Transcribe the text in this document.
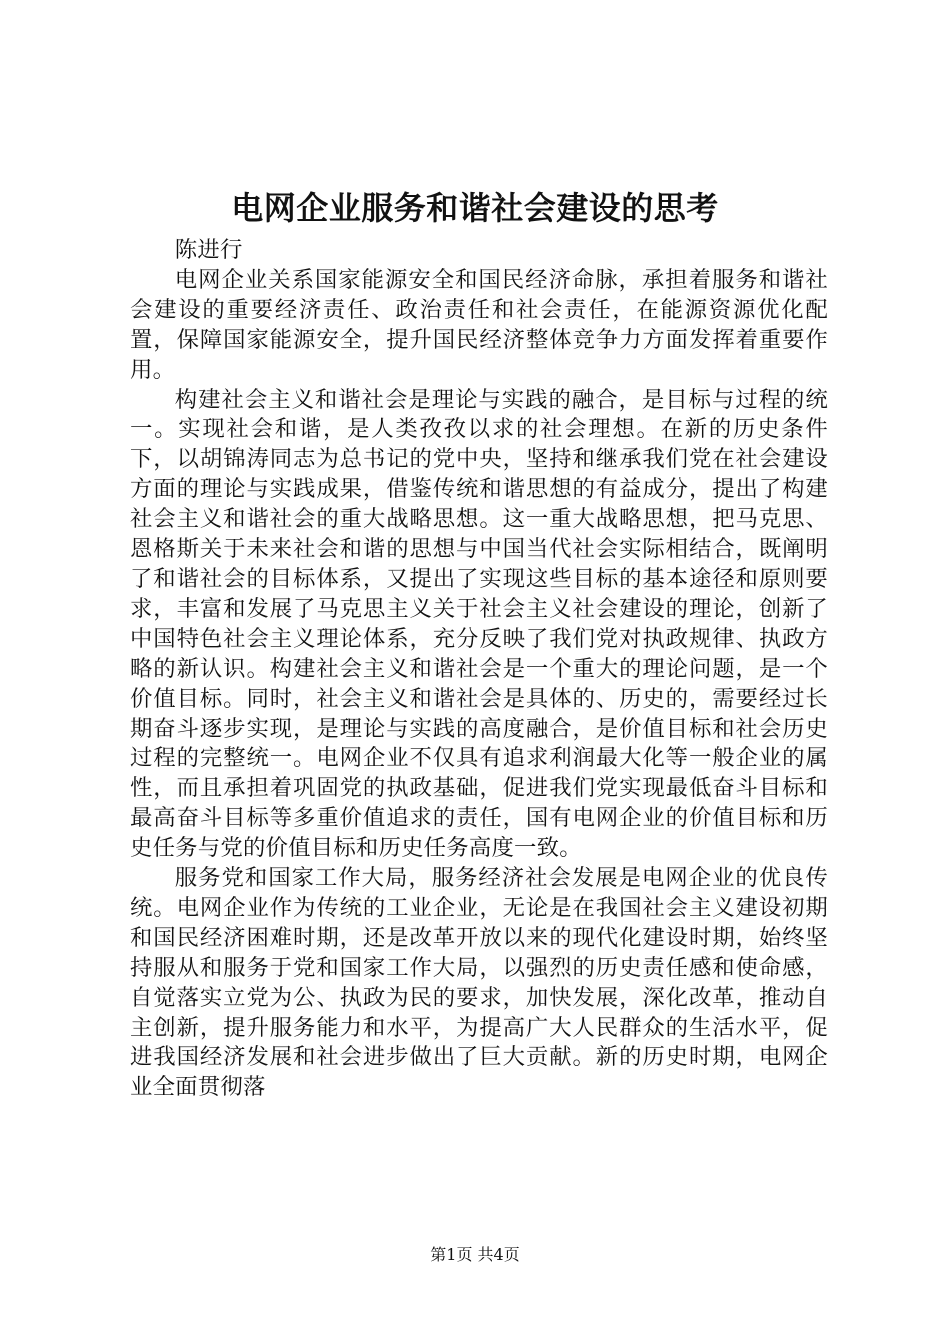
电网企业服务和谐社会建设的思考

陈进行

电网企业关系国家能源安全和国民经济命脉，承担着服务和谐社会建设的重要经济责任、政治责任和社会责任，在能源资源优化配置，保障国家能源安全，提升国民经济整体竞争力方面发挥着重要作用。

构建社会主义和谐社会是理论与实践的融合，是目标与过程的统一。实现社会和谐，是人类孜孜以求的社会理想。在新的历史条件下，以胡锦涛同志为总书记的党中央，坚持和继承我们党在社会建设方面的理论与实践成果，借鉴传统和谐思想的有益成分，提出了构建社会主义和谐社会的重大战略思想。这一重大战略思想，把马克思、恩格斯关于未来社会和谐的思想与中国当代社会实际相结合，既阐明了和谐社会的目标体系，又提出了实现这些目标的基本途径和原则要求，丰富和发展了马克思主义关于社会主义社会建设的理论，创新了中国特色社会主义理论体系，充分反映了我们党对执政规律、执政方略的新认识。构建社会主义和谐社会是一个重大的理论问题，是一个价值目标。同时，社会主义和谐社会是具体的、历史的，需要经过长期奋斗逐步实现，是理论与实践的高度融合，是价值目标和社会历史过程的完整统一。电网企业不仅具有追求利润最大化等一般企业的属性，而且承担着巩固党的执政基础，促进我们党实现最低奋斗目标和最高奋斗目标等多重价值追求的责任，国有电网企业的价值目标和历史任务与党的价值目标和历史任务高度一致。

服务党和国家工作大局，服务经济社会发展是电网企业的优良传统。电网企业作为传统的工业企业，无论是在我国社会主义建设初期和国民经济困难时期，还是改革开放以来的现代化建设时期，始终坚持服从和服务于党和国家工作大局，以强烈的历史责任感和使命感，自觉落实立党为公、执政为民的要求，加快发展，深化改革，推动自主创新，提升服务能力和水平，为提高广大人民群众的生活水平，促进我国经济发展和社会进步做出了巨大贡献。新的历史时期，电网企业全面贯彻落

第1页 共4页
